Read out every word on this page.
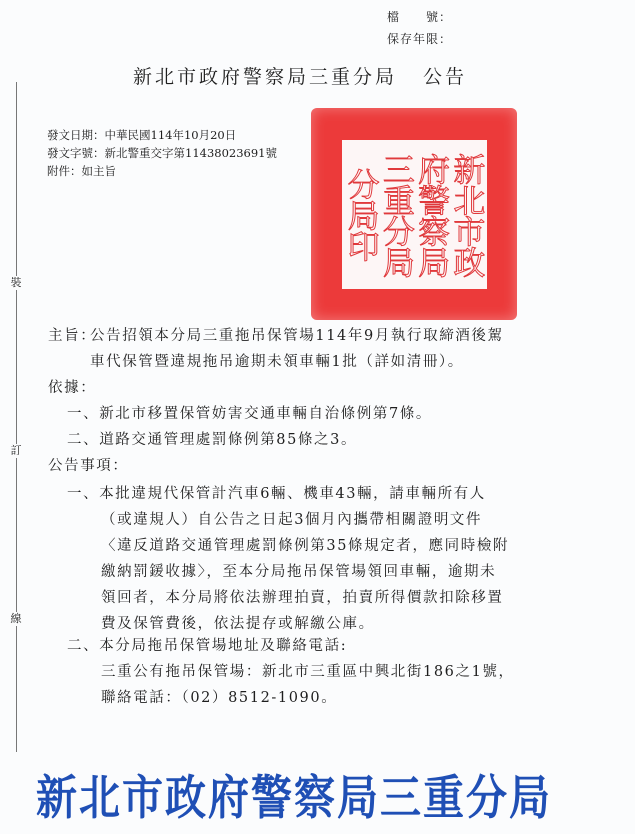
檔　　號：
保存年限：
新北市政府警察局三重分局 公告
發文日期：中華民國114年10月20日
發文字號：新北警重交字第11438023691號
附件：如主旨
裝
訂
線
新北市政
府警察局
三重分局
分局印
主旨：
公告招領本分局三重拖吊保管場114年9月執行取締酒後駕
車代保管暨違規拖吊逾期未領車輛1批（詳如清冊）。
依據：
一、新北市移置保管妨害交通車輛自治條例第7條。
二、道路交通管理處罰條例第85條之3。
公告事項：
一、本批違規代保管計汽車6輛、機車43輛，請車輛所有人
（或違規人）自公告之日起3個月內攜帶相關證明文件
〈違反道路交通管理處罰條例第35條規定者，應同時檢附
繳納罰鍰收據〉，至本分局拖吊保管場領回車輛，逾期未
領回者，本分局將依法辦理拍賣，拍賣所得價款扣除移置
費及保管費後，依法提存或解繳公庫。
二、本分局拖吊保管場地址及聯絡電話:
三重公有拖吊保管場：新北市三重區中興北街186之1號，
聯絡電話：（02）8512-1090。
新北市政府警察局三重分局
